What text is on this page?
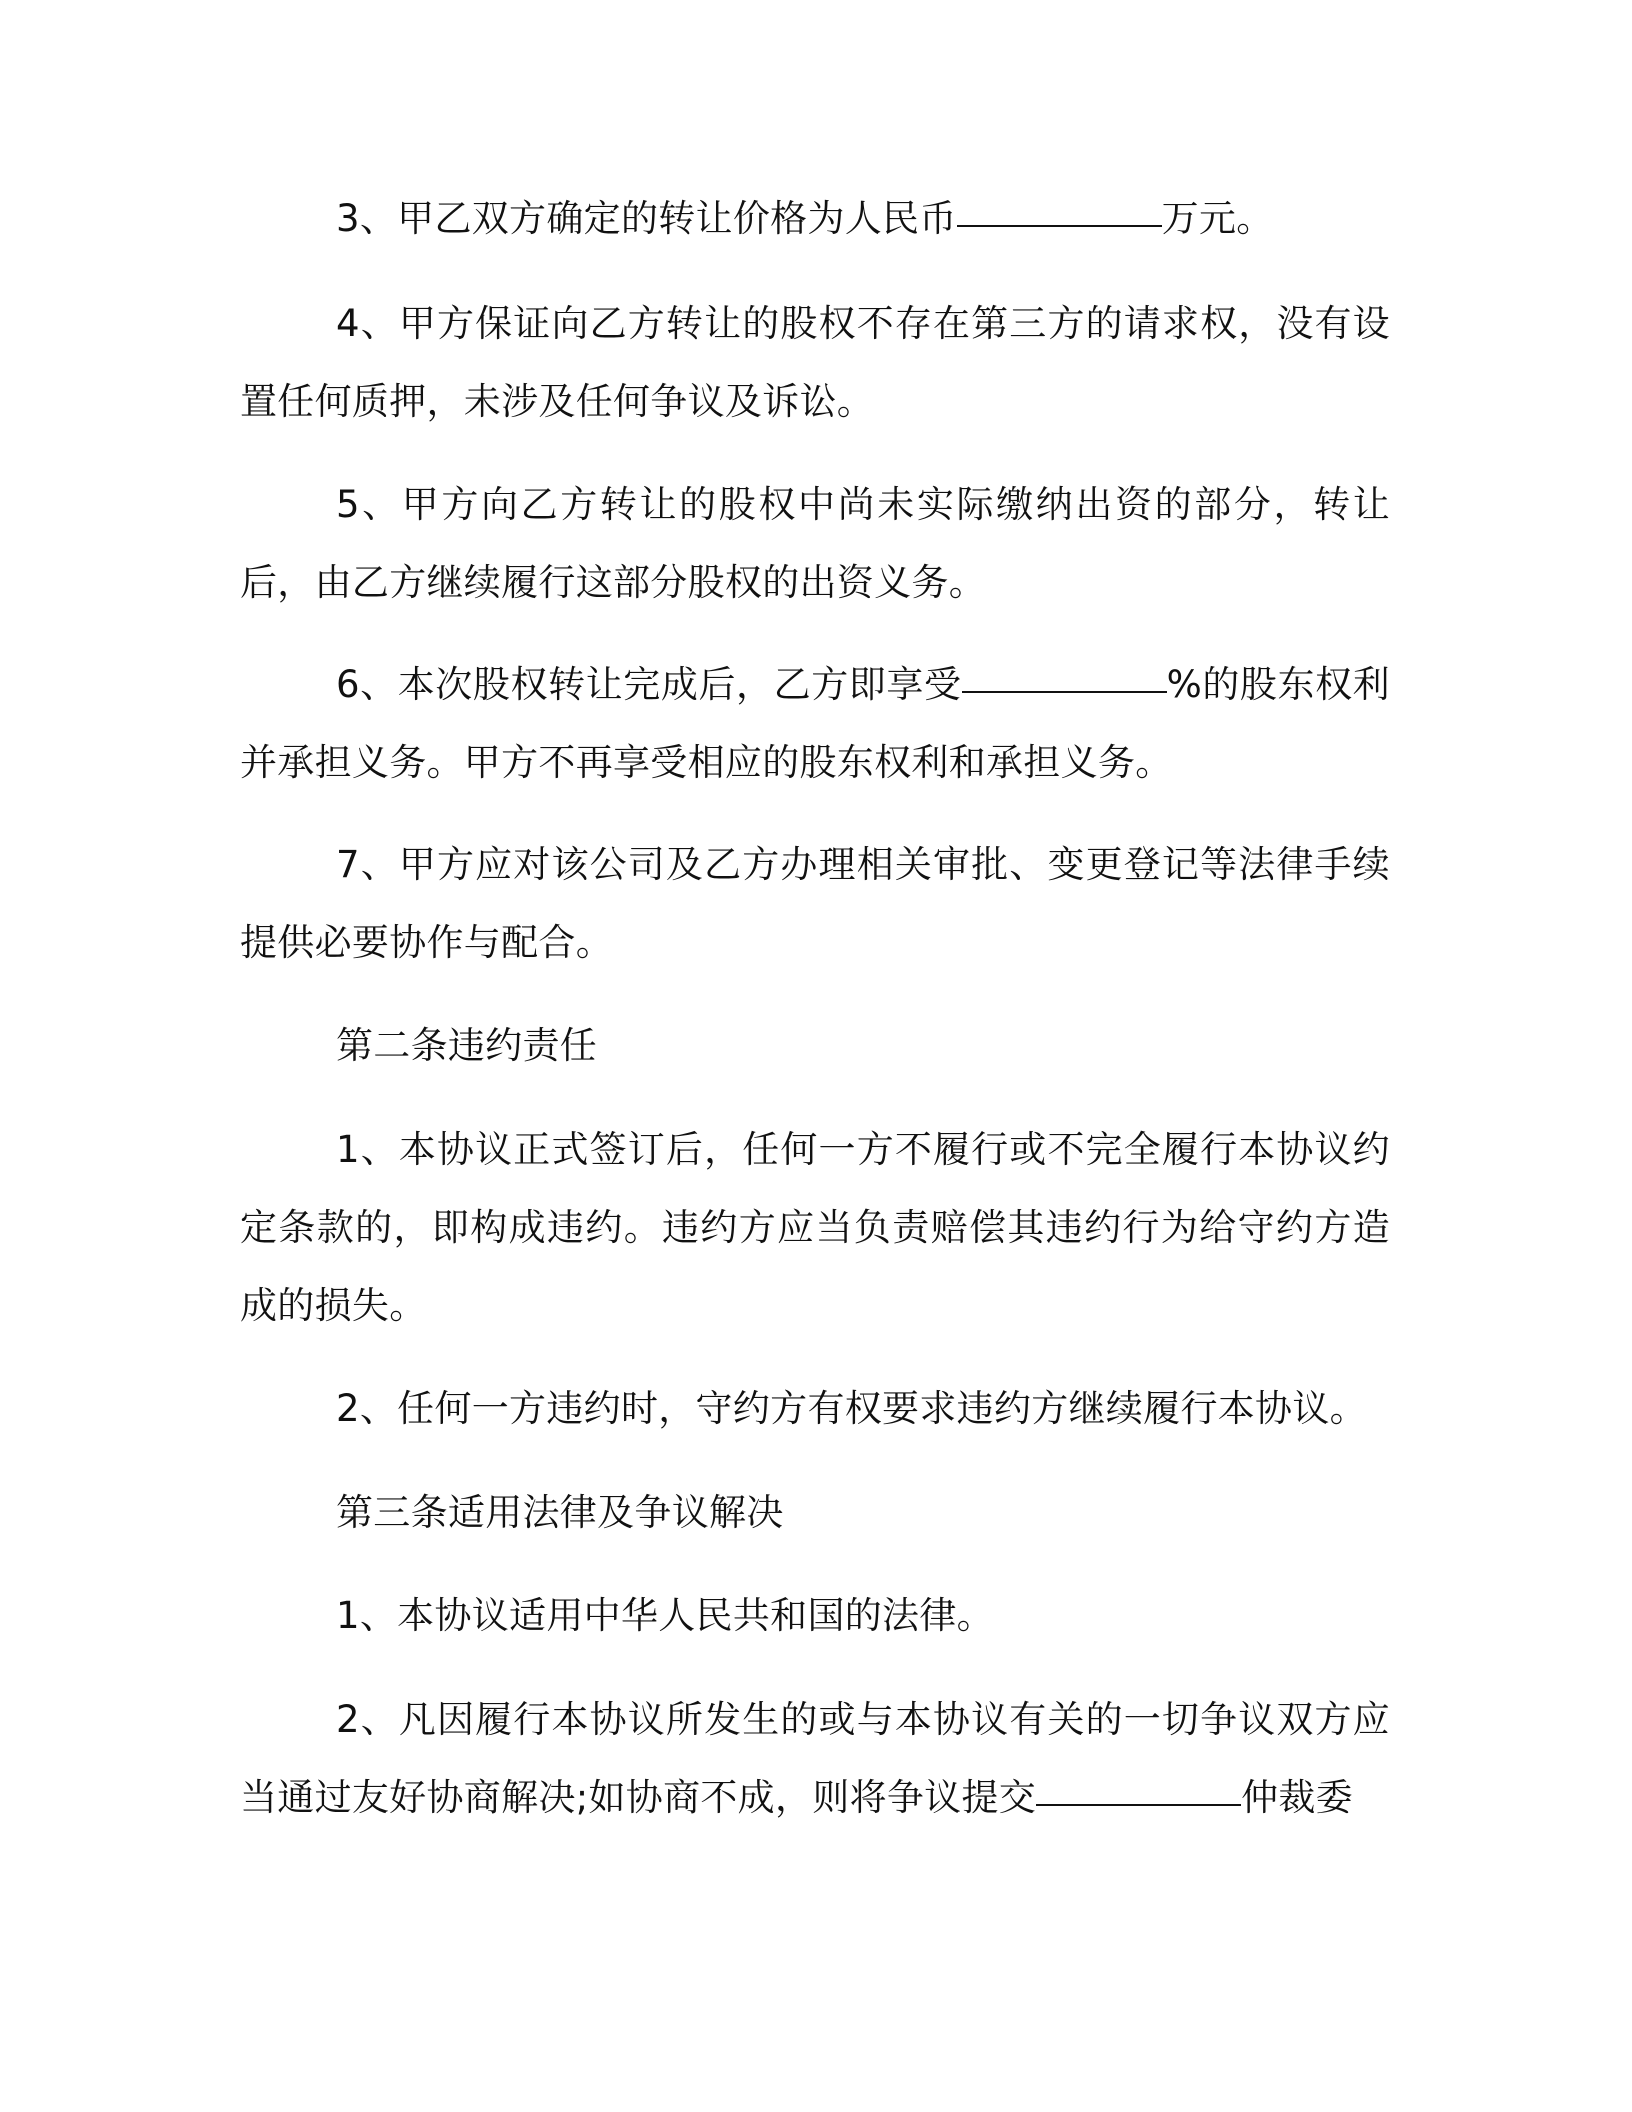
3、甲乙双方确定的转让价格为人民币	万元。

4、甲方保证向乙方转让的股权不存在第三方的请求权，没有设置任何质押，未涉及任何争议及诉讼。

5、甲方向乙方转让的股权中尚未实际缴纳出资的部分，转让后，由乙方继续履行这部分股权的出资义务。

6、本次股权转让完成后，乙方即享受	%的股东权利并承担义务。甲方不再享受相应的股东权利和承担义务。

7、甲方应对该公司及乙方办理相关审批、变更登记等法律手续提供必要协作与配合。

第二条违约责任

1、本协议正式签订后，任何一方不履行或不完全履行本协议约定条款的，即构成违约。违约方应当负责赔偿其违约行为给守约方造成的损失。

2、任何一方违约时，守约方有权要求违约方继续履行本协议。

第三条适用法律及争议解决

1、本协议适用中华人民共和国的法律。

2、凡因履行本协议所发生的或与本协议有关的一切争议双方应当通过友好协商解决;如协商不成，则将争议提交	仲裁委
